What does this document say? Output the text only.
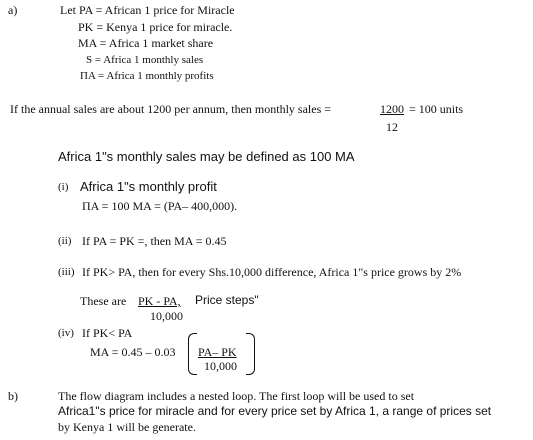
a)	Let PA = African 1 price for Miracle
PK = Kenya 1 price for miracle.
MA = Africa 1 market share
S = Africa 1 monthly sales
ΠA = Africa 1 monthly profits
If the annual sales are about 1200 per annum, then monthly sales =	1200 = 100 units
12
Africa 1"s monthly sales may be defined as 100 MA
(i) Africa 1"s monthly profit
ΠA = 100 MA = (PA– 400,000).
(ii) If PA = PK =, then MA = 0.45
(iii) If PK> PA, then for every Shs.10,000 difference, Africa 1"s price grows by 2%
These are PK - PA, Price steps"
10,000
(iv) If PK< PA
MA = 0.45 – 0.03 PA– PK
10,000
b)	The flow diagram includes a nested loop. The first loop will be used to set
Africa1"s price for miracle and for every price set by Africa 1, a range of prices set
by Kenya 1 will be generate.
